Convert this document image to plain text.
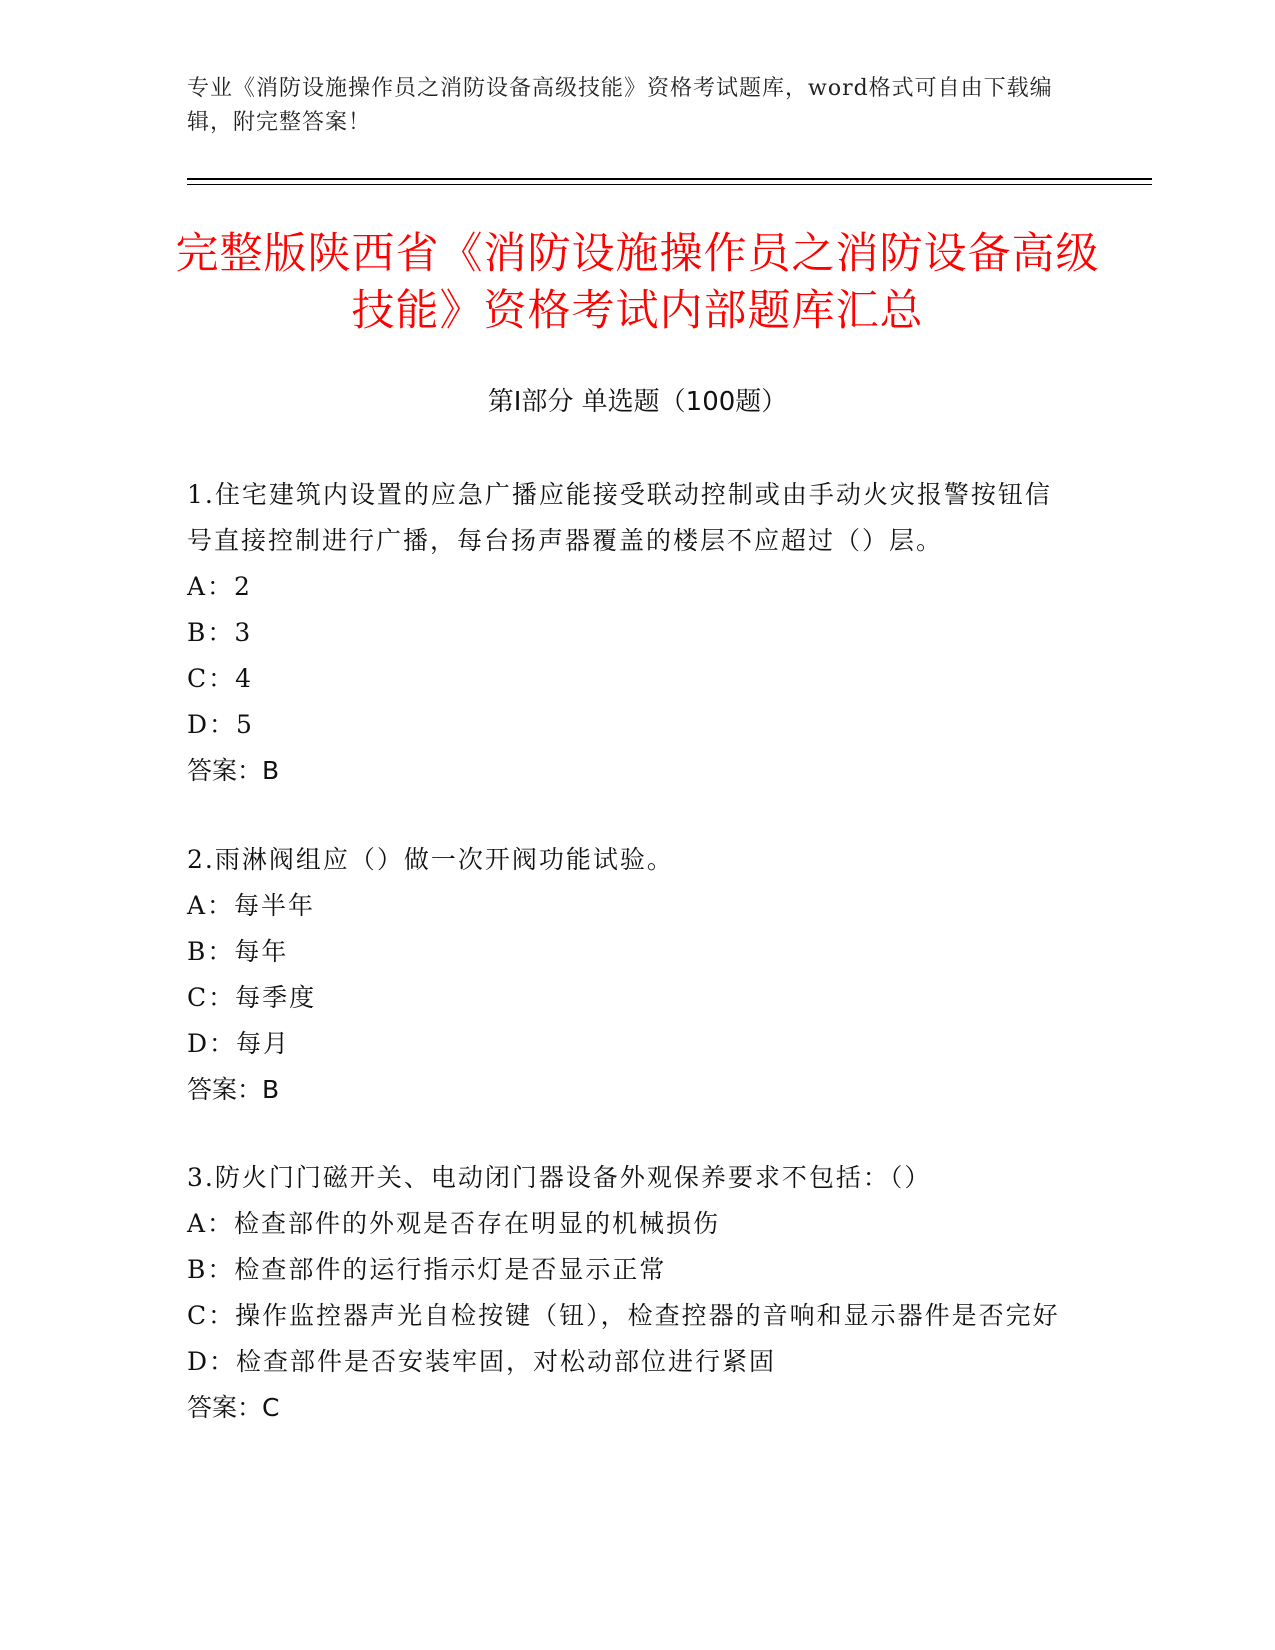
专业《消防设施操作员之消防设备高级技能》资格考试题库，word格式可自由下载编辑，附完整答案！
完整版陕西省《消防设施操作员之消防设备高级技能》资格考试内部题库汇总
第Ⅰ部分 单选题（100题）
1.住宅建筑内设置的应急广播应能接受联动控制或由手动火灾报警按钮信号直接控制进行广播，每台扬声器覆盖的楼层不应超过（）层。
A：2
B：3
C：4
D：5
答案：B
2.雨淋阀组应（）做一次开阀功能试验。
A：每半年
B：每年
C：每季度
D：每月
答案：B
3.防火门门磁开关、电动闭门器设备外观保养要求不包括：（）
A：检查部件的外观是否存在明显的机械损伤
B：检查部件的运行指示灯是否显示正常
C：操作监控器声光自检按键（钮），检查控器的音响和显示器件是否完好
D：检查部件是否安装牢固，对松动部位进行紧固
答案：C
